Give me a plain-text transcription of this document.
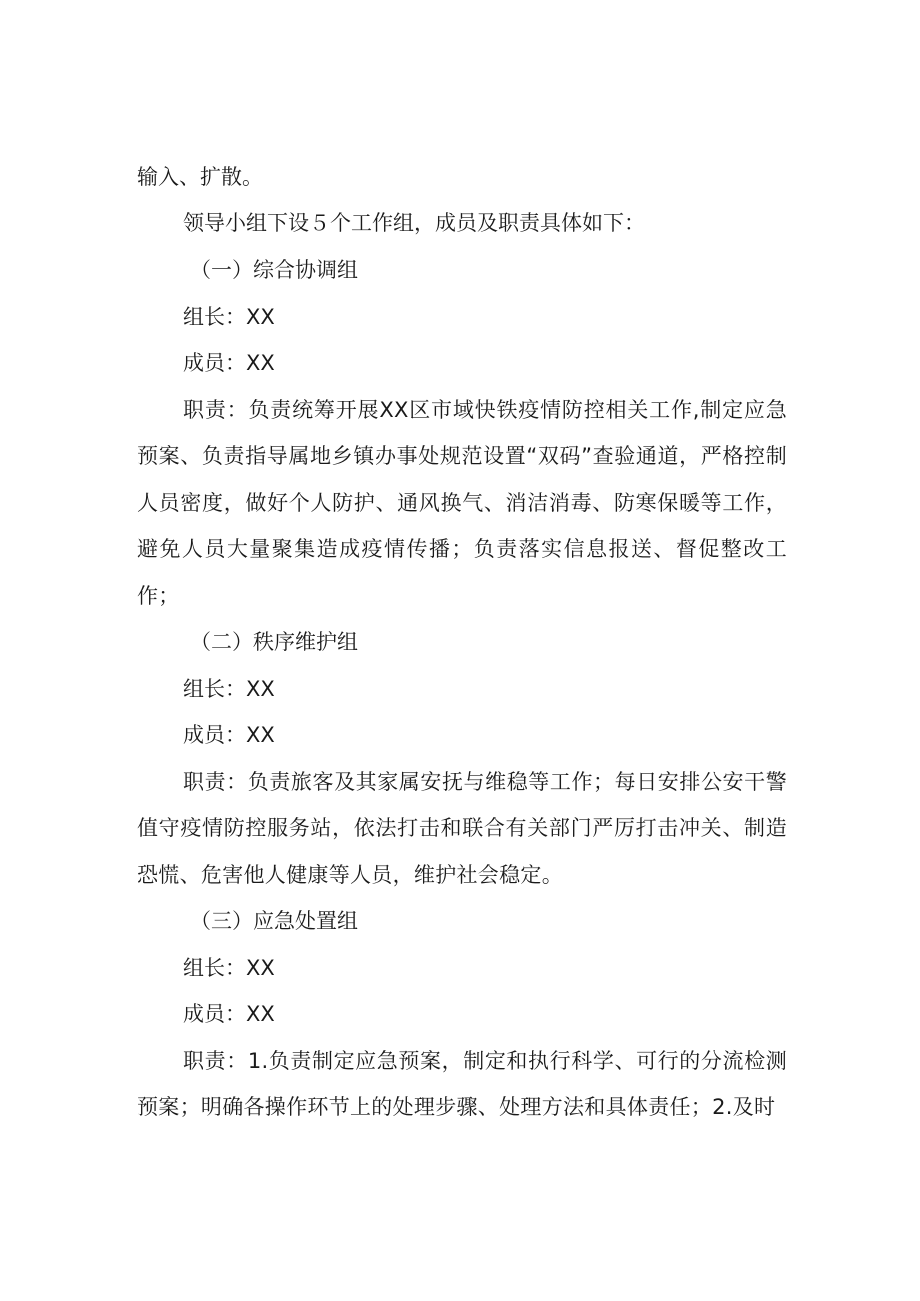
输入、扩散。
领导小组下设５个工作组，成员及职责具体如下：
（一）综合协调组
组长：XX
成员：XX
职责：负责统筹开展XX区市域快铁疫情防控相关工作,制定应急预案、负责指导属地乡镇办事处规范设置“双码”查验通道，严格控制人员密度，做好个人防护、通风换气、消洁消毒、防寒保暖等工作，避免人员大量聚集造成疫情传播；负责落实信息报送、督促整改工作；
（二）秩序维护组
组长：XX
成员：XX
职责：负责旅客及其家属安抚与维稳等工作；每日安排公安干警值守疫情防控服务站，依法打击和联合有关部门严厉打击冲关、制造恐慌、危害他人健康等人员，维护社会稳定。
（三）应急处置组
组长：XX
成员：XX
职责：1.负责制定应急预案，制定和执行科学、可行的分流检测预案；明确各操作环节上的处理步骤、处理方法和具体责任；2.及时
